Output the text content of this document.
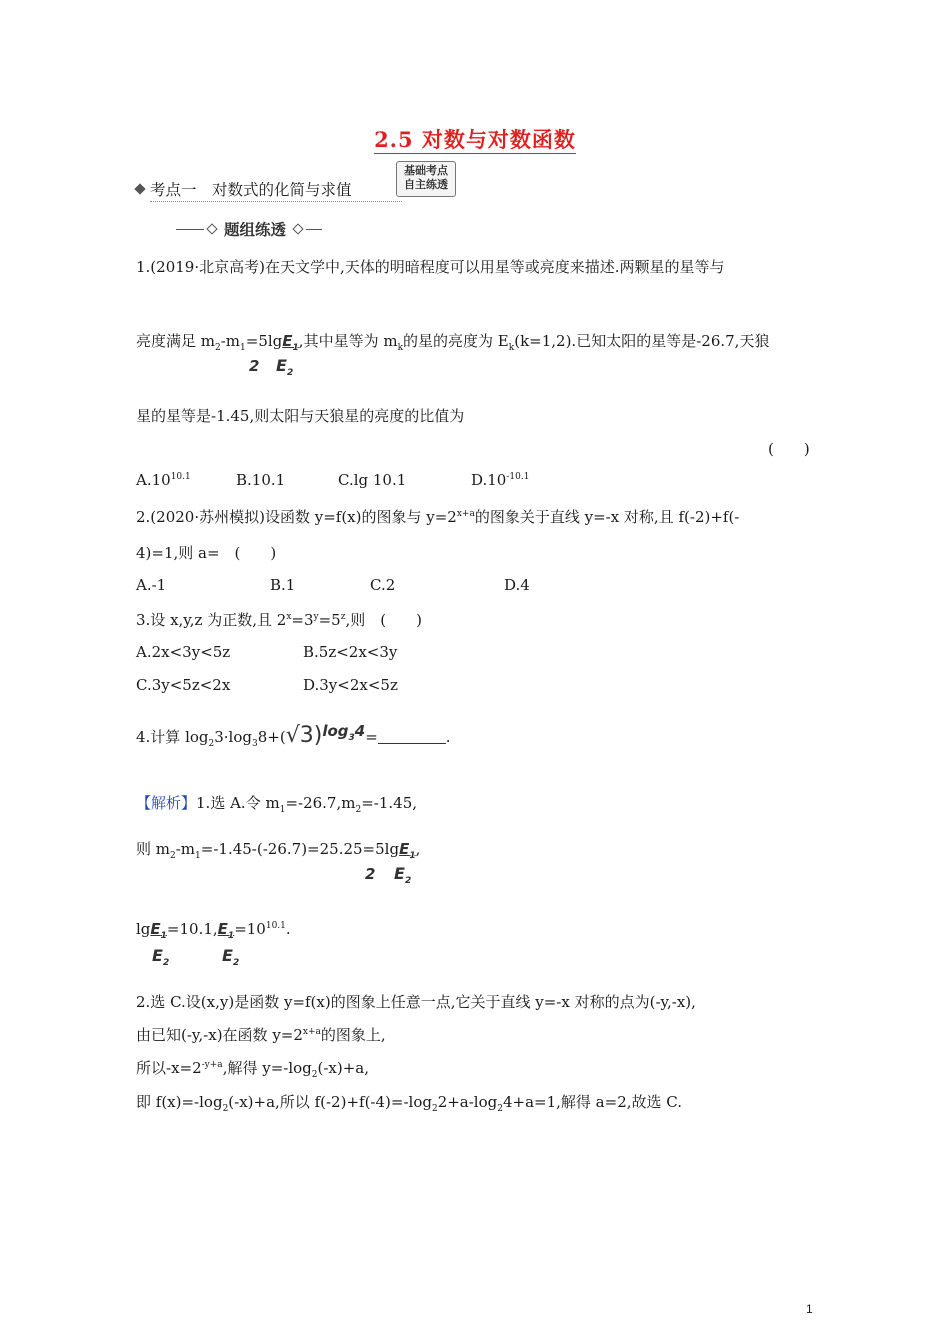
2.5 对数与对数函数
考点一　对数式的化简与求值
基础考点
自主练透
题组练透
1.(2019·北京高考)在天文学中,天体的明暗程度可以用星等或亮度来描述.两颗星的星等与
亮度满足 $m_2-m_1=5\lg E_1$,其中星等为 $m_k$的星的亮度为 $E_k(k=1,2)$.已知太阳的星等是-26.7,天狼
2 $E_2$
星的星等是-1.45,则太阳与天狼星的亮度的比值为
(　　)
$A.10^{10.1}$	B.10.1	C.lg 10.1	$D.10^{-10.1}$
2.(2020·苏州模拟)设函数 y=f(x)的图象与 $y=2^{x+a}$的图象关于直线 y=-x 对称,且 f(-2)+f(-
4)=1,则 a=　(　　)
A.-1	B.1	C.2	D.4
3.设 x,y,z 为正数,且 $2^x=3^y=5^z$,则　(　　)
A.2x<3y<5z	B.5z<2x<3y
C.3y<5z<2x	D.3y<2x<5z
4.计算 $\log_23\cdot\log_38+(√3)\log_34=$	.
【解析】1.选 A.令 $m_1=-26.7,m_2=-1.45$,
则 $m_2-m_1=-1.45-(-26.7)=25.25=5\lg E_1$,
2 $E_2$
$\lg E_1=10.1,E_1=10^{10.1}$.
$E_2$	$E_2$
2.选 C.设(x,y)是函数 y=f(x)的图象上任意一点,它关于直线 y=-x 对称的点为(-y,-x),
由已知(-y,-x)在函数 $y=2^{x+a}$的图象上,
所以$-x=2^{-y+a}$,解得 $y=-\log_2(-x)+a$,
即 $f(x)=-\log_2(-x)+a$,所以 $f(-2)+f(-4)=-\log_22+a-\log_24+a=1$,解得 a=2,故选 C.
1
